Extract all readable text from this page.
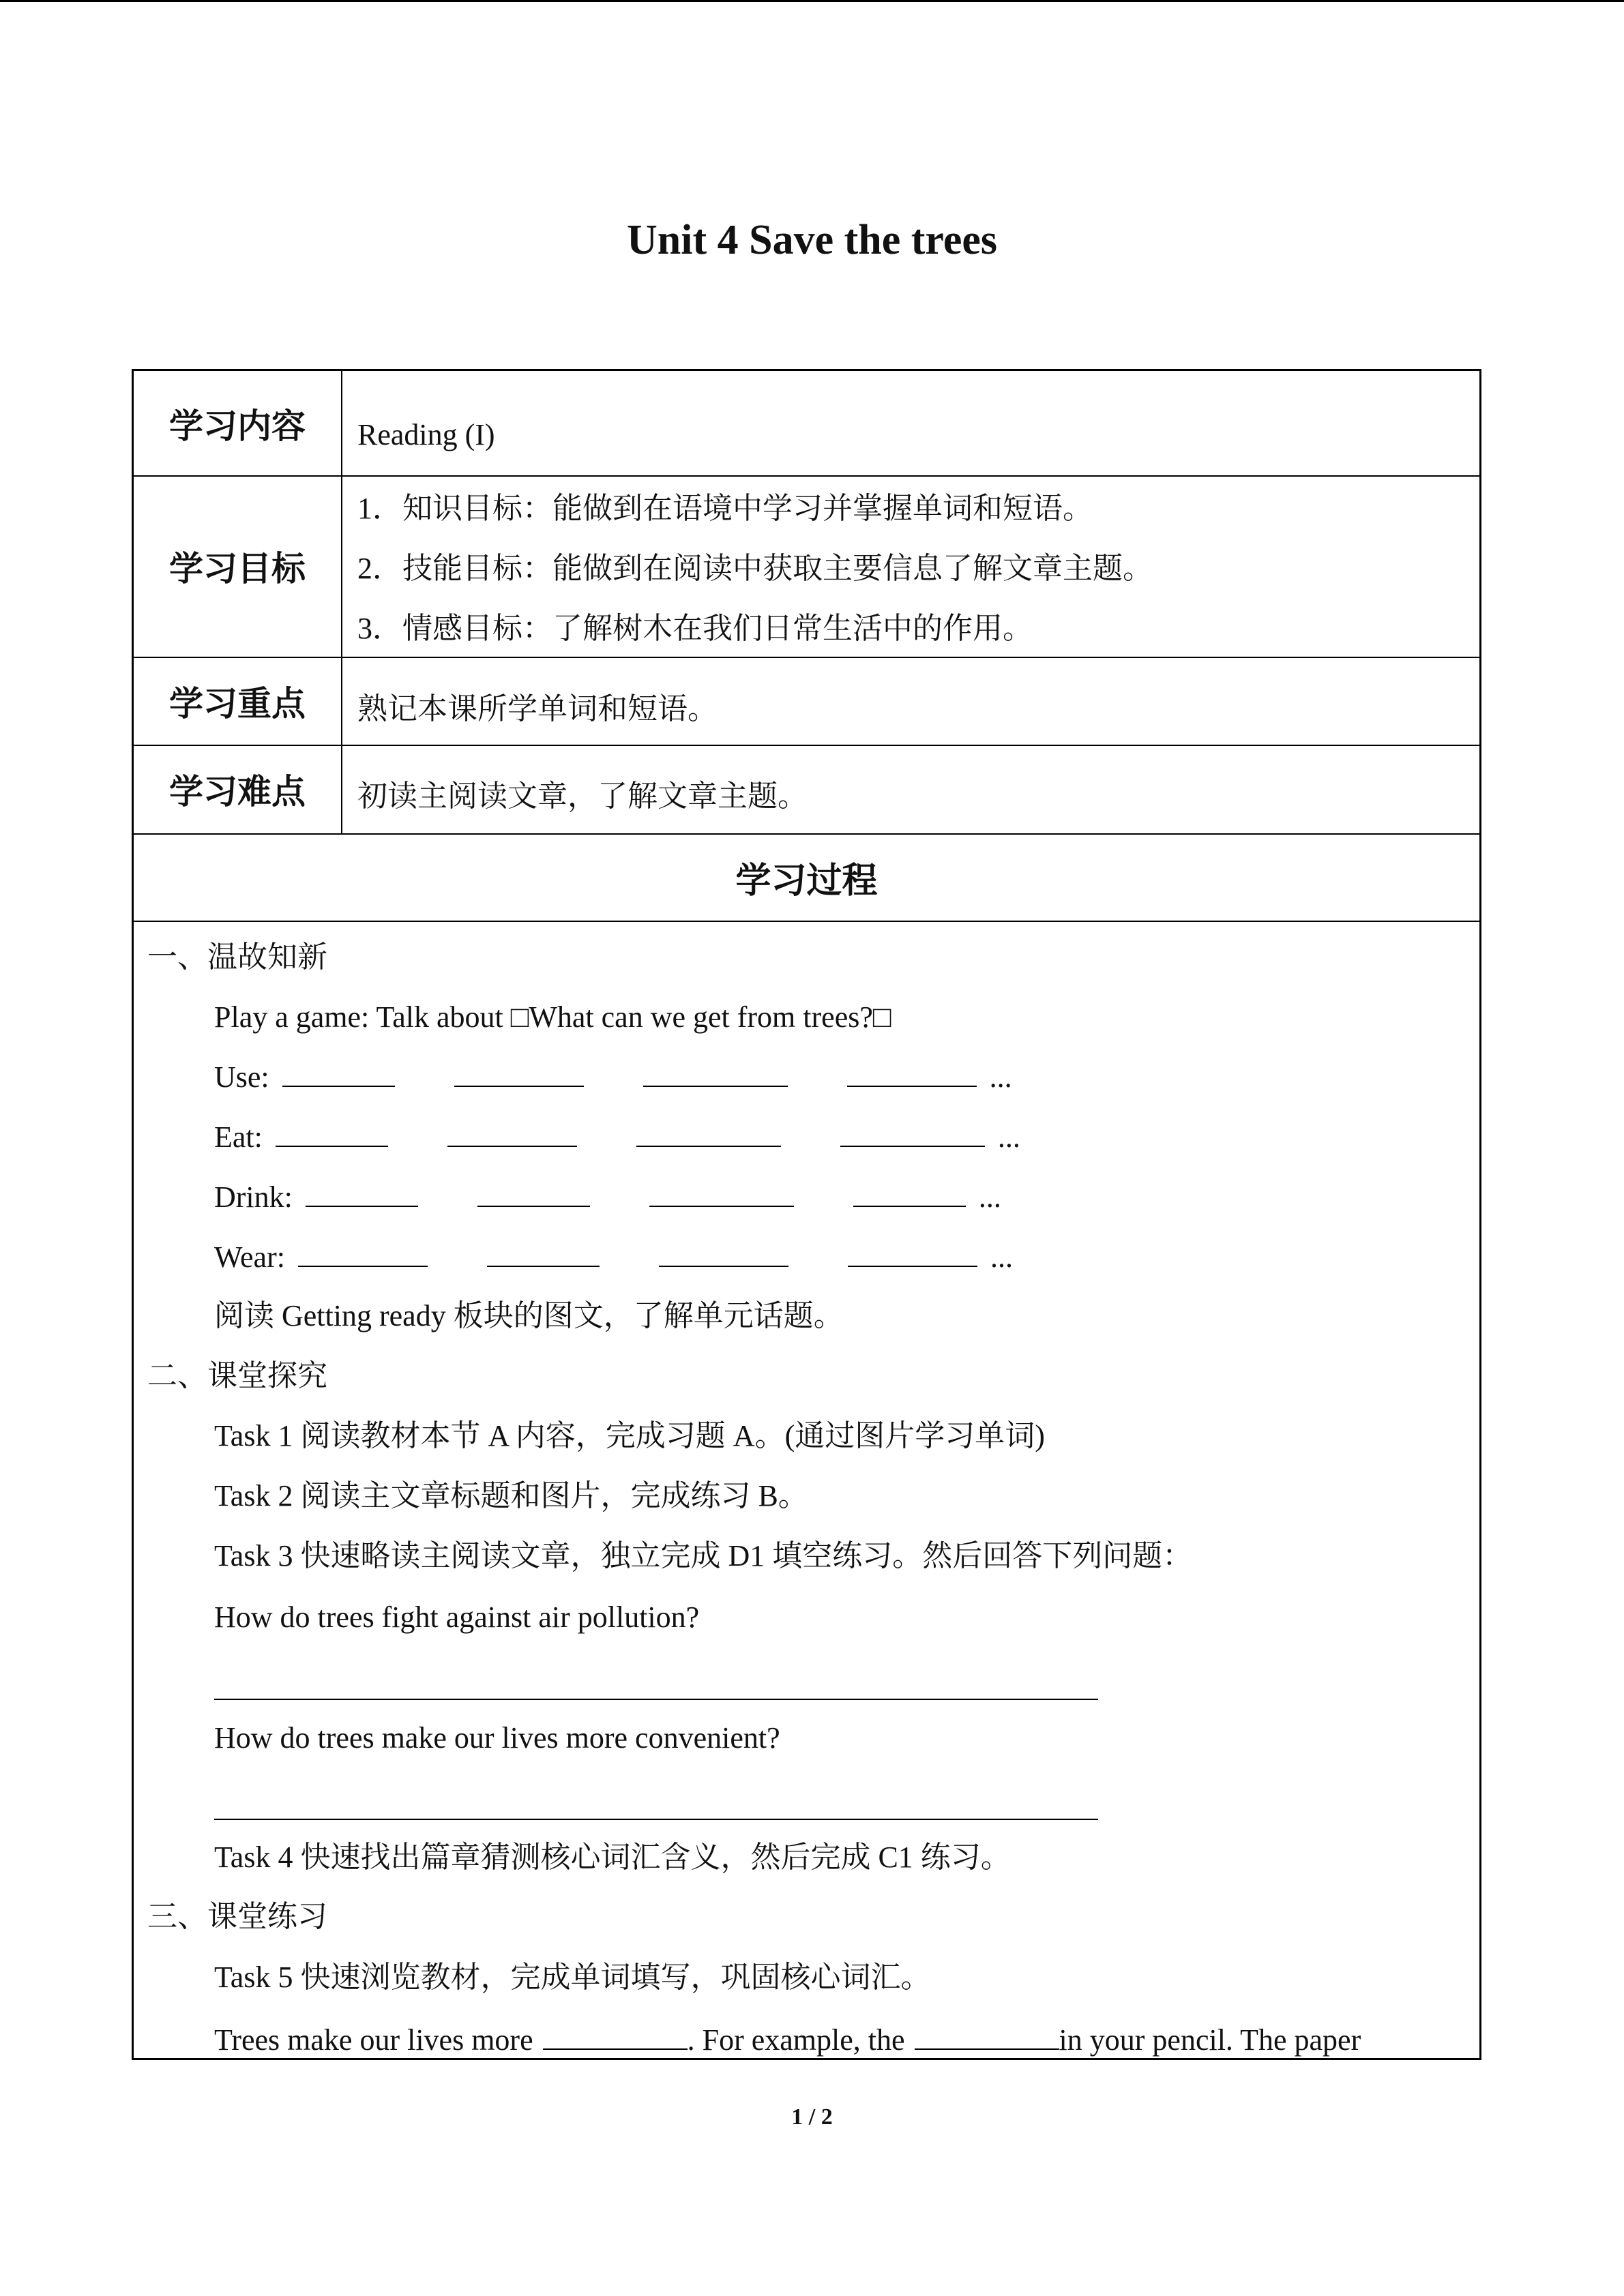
Unit 4 Save the trees
学习内容	Reading (I)
学习目标
1．知识目标：能做到在语境中学习并掌握单词和短语。
2．技能目标：能做到在阅读中获取主要信息了解文章主题。
3．情感目标：了解树木在我们日常生活中的作用。
学习重点	熟记本课所学单词和短语。
学习难点	初读主阅读文章，了解文章主题。
学习过程
一、温故知新
Play a game: Talk about □What can we get from trees?□
Use:	...
Eat:	...
Drink:	...
Wear:	...
阅读 Getting ready 板块的图文，了解单元话题。
二、课堂探究
Task 1 阅读教材本节 A 内容，完成习题 A。(通过图片学习单词)
Task 2 阅读主文章标题和图片，完成练习 B。
Task 3 快速略读主阅读文章，独立完成 D1 填空练习。然后回答下列问题：
How do trees fight against air pollution?
How do trees make our lives more convenient?
Task 4 快速找出篇章猜测核心词汇含义，然后完成 C1 练习。
三、课堂练习
Task 5 快速浏览教材，完成单词填写，巩固核心词汇。
Trees make our lives more	. For example, the	in your pencil. The paper
1 / 2
